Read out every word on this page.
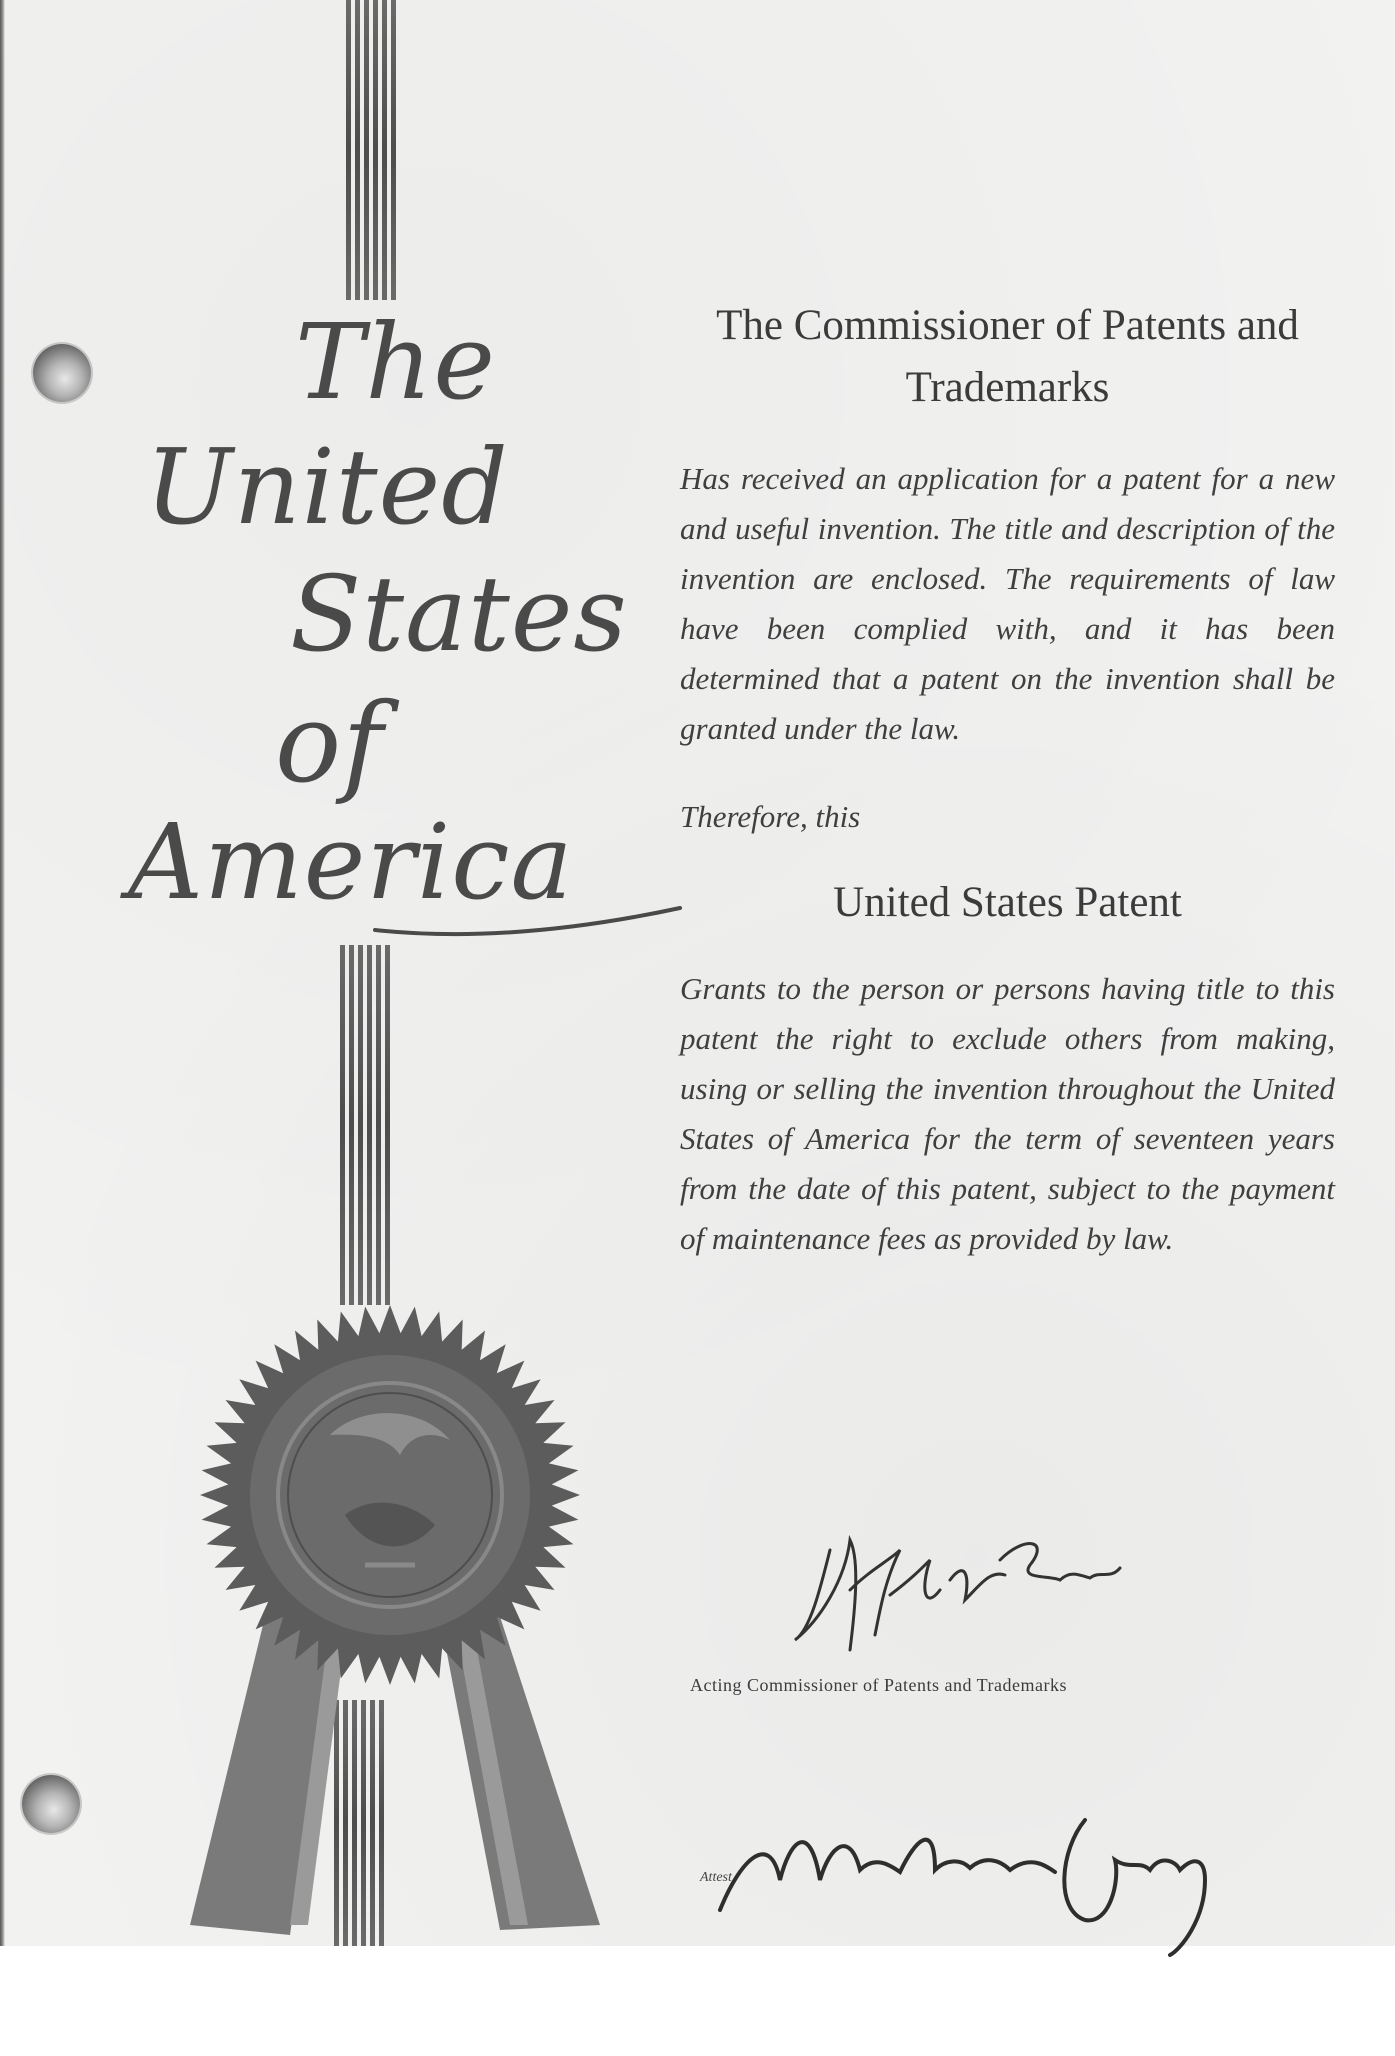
The
United
States
of
America
The Commissioner of Patents and Trademarks

Has received an application for a patent for a new and useful invention. The title and description of the invention are enclosed. The requirements of law have been complied with, and it has been determined that a patent on the invention shall be granted under the law.

Therefore, this

United States Patent

Grants to the person or persons having title to this patent the right to exclude others from making, using or selling the invention throughout the United States of America for the term of seventeen years from the date of this patent, subject to the payment of maintenance fees as provided by law.

Acting Commissioner of Patents and Trademarks
Attest
